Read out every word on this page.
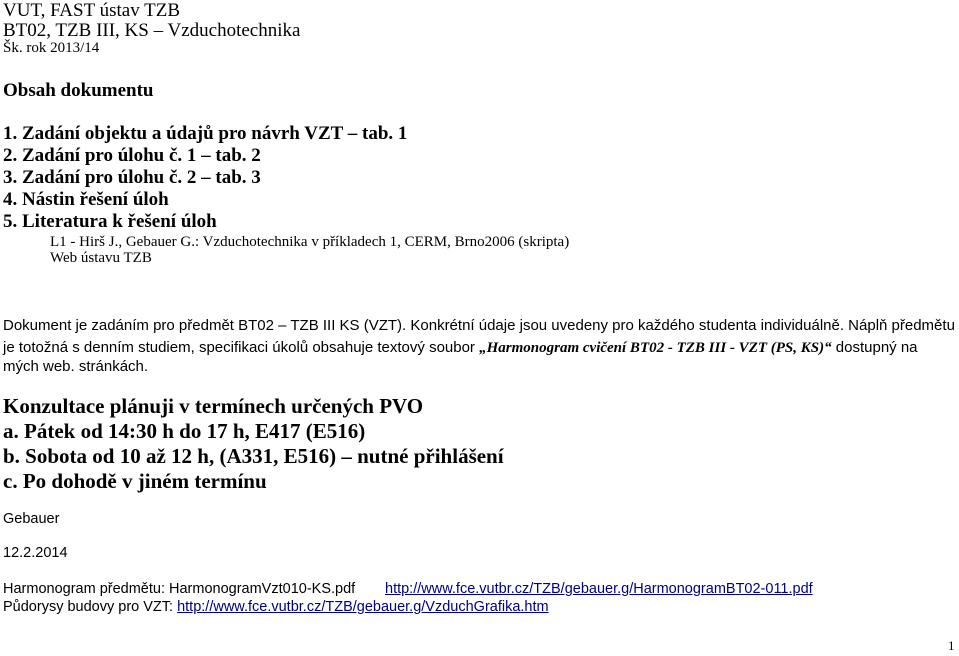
VUT, FAST ústav TZB
BT02, TZB III, KS – Vzduchotechnika
Šk. rok 2013/14
Obsah dokumentu
1. Zadání objektu a údajů pro návrh VZT – tab. 1
2. Zadání pro úlohu č. 1 – tab. 2
3. Zadání pro úlohu č. 2 – tab. 3
4. Nástin řešení úloh
5. Literatura k řešení úloh
L1 - Hirš J., Gebauer G.: Vzduchotechnika v příkladech 1, CERM, Brno2006 (skripta)
Web ústavu TZB
Dokument je zadáním pro předmět BT02 – TZB III KS (VZT). Konkrétní údaje jsou uvedeny pro každého studenta individuálně. Náplň předmětu
je totožná s denním studiem, specifikaci úkolů obsahuje textový soubor „Harmonogram cvičení BT02 - TZB III - VZT (PS, KS)“ dostupný na
mých web. stránkách.
Konzultace plánuji v termínech určených PVO
a. Pátek od 14:30 h do 17 h, E417 (E516)
b. Sobota od 10 až 12 h, (A331, E516) – nutné přihlášení
c. Po dohodě v jiném termínu
Gebauer
12.2.2014
Harmonogram předmětu: HarmonogramVzt010-KS.pdf http://www.fce.vutbr.cz/TZB/gebauer.g/HarmonogramBT02-011.pdf
Půdorysy budovy pro VZT: http://www.fce.vutbr.cz/TZB/gebauer.g/VzduchGrafika.htm
1
